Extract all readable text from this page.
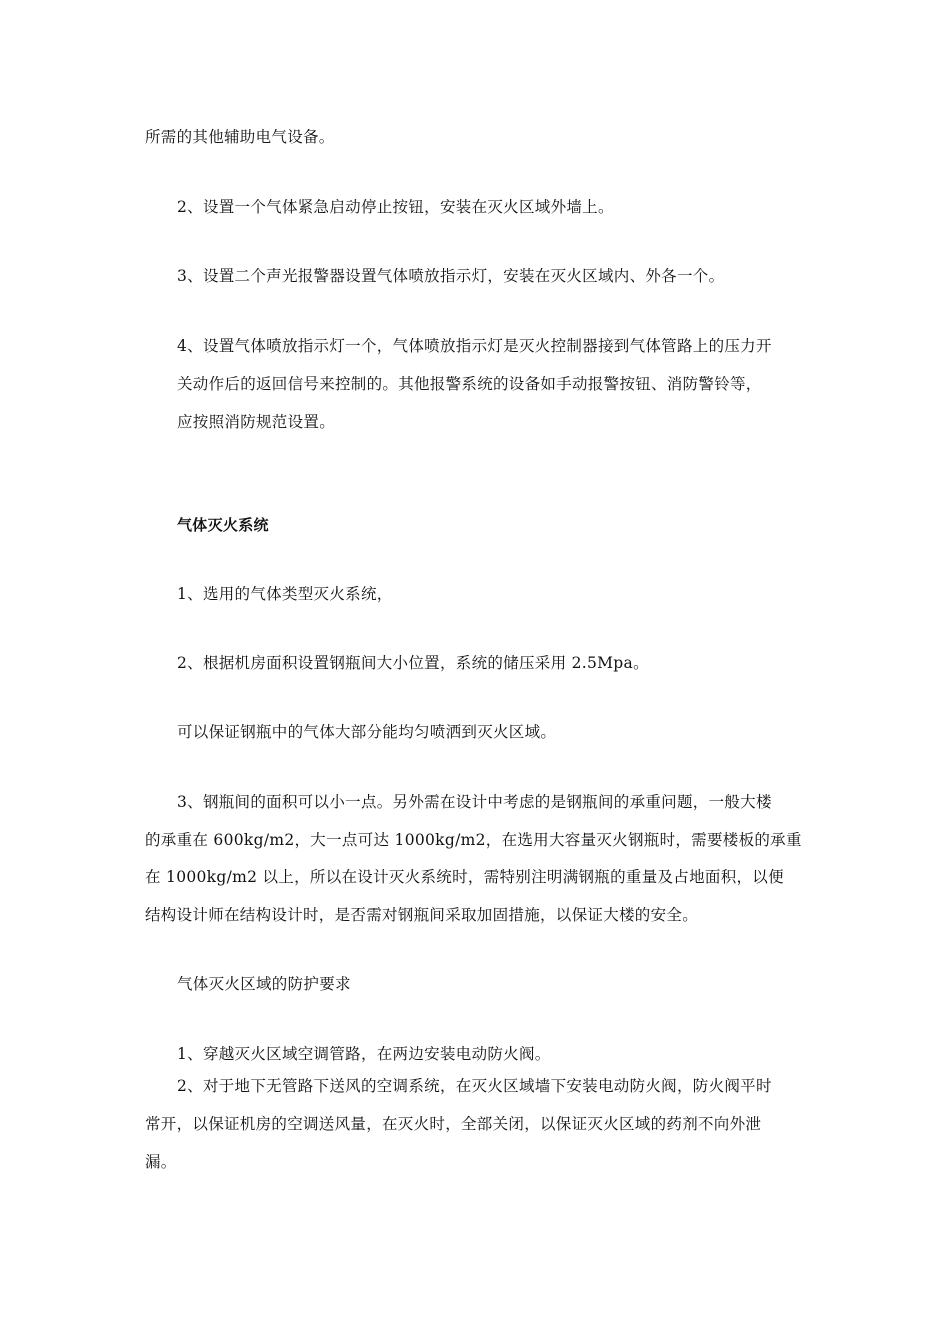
所需的其他辅助电气设备。
2、设置一个气体紧急启动停止按钮，安装在灭火区域外墙上。
3、设置二个声光报警器设置气体喷放指示灯，安装在灭火区域内、外各一个。
4、设置气体喷放指示灯一个，气体喷放指示灯是灭火控制器接到气体管路上的压力开
关动作后的返回信号来控制的。其他报警系统的设备如手动报警按钮、消防警铃等，
应按照消防规范设置。
气体灭火系统
1、选用的气体类型灭火系统，
2、根据机房面积设置钢瓶间大小位置，系统的储压采用 2.5Mpa。
可以保证钢瓶中的气体大部分能均匀喷洒到灭火区域。
3、钢瓶间的面积可以小一点。另外需在设计中考虑的是钢瓶间的承重问题，一般大楼
的承重在 600kg/m2，大一点可达 1000kg/m2，在选用大容量灭火钢瓶时，需要楼板的承重
在 1000kg/m2 以上，所以在设计灭火系统时，需特别注明满钢瓶的重量及占地面积，以便
结构设计师在结构设计时，是否需对钢瓶间采取加固措施，以保证大楼的安全。
气体灭火区域的防护要求
1、穿越灭火区域空调管路，在两边安装电动防火阀。
2、对于地下无管路下送风的空调系统，在灭火区域墙下安装电动防火阀，防火阀平时
常开，以保证机房的空调送风量，在灭火时，全部关闭，以保证灭火区域的药剂不向外泄
漏。
